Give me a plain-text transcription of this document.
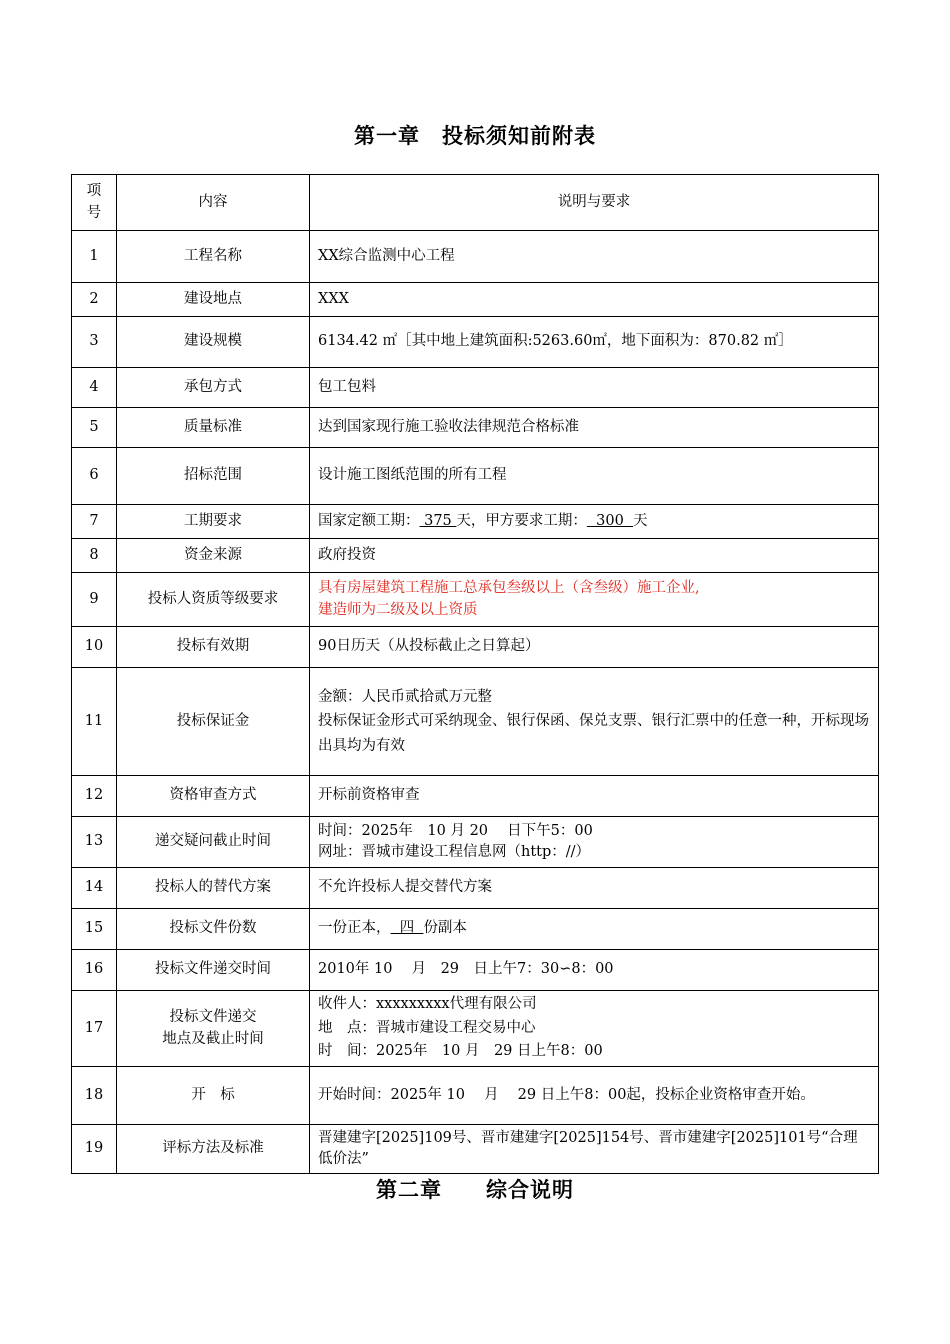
第一章　投标须知前附表
项
号	内容	说明与要求
1	工程名称	XX综合监测中心工程
2	建设地点	XXX
3	建设规模	6134.42 ㎡［其中地上建筑面积:5263.60㎡，地下面积为：870.82 ㎡］
4	承包方式	包工包料
5	质量标准	达到国家现行施工验收法律规范合格标准
6	招标范围	设计施工图纸范围的所有工程
7	工期要求	国家定额工期： 375 天，甲方要求工期：  300  天
8	资金来源	政府投资
9	投标人资质等级要求	具有房屋建筑工程施工总承包叁级以上（含叁级）施工企业,
建造师为二级及以上资质

10	投标有效期	90日历天（从投标截止之日算起）
11	投标保证金	金额：人民币贰拾贰万元整
投标保证金形式可采纳现金、银行保函、保兑支票、银行汇票中的任意一种，开标现场出具均为有效

12	资格审查方式	开标前资格审查
13	递交疑问截止时间	时间：2025年　10 月 20　 日下午5：00
网址：晋城市建设工程信息网（http：//）

14	投标人的替代方案	不允许投标人提交替代方案
15	投标文件份数	一份正本，  四  份副本
16	投标文件递交时间	2010年 10　 月　29　日上午7：30∽8：00
17	投标文件递交
地点及截止时间	收件人：xxxxxxxxx代理有限公司
地　点：晋城市建设工程交易中心
时　间：2025年　10 月　29 日上午8：00

18	开　标	开始时间：2025年 10　 月　 29 日上午8：00起，投标企业资格审查开始。
19	评标方法及标准	晋建建字[2025]109号、晋市建建字[2025]154号、晋市建建字[2025]101号“合理低价法”
第二章　　综合说明
